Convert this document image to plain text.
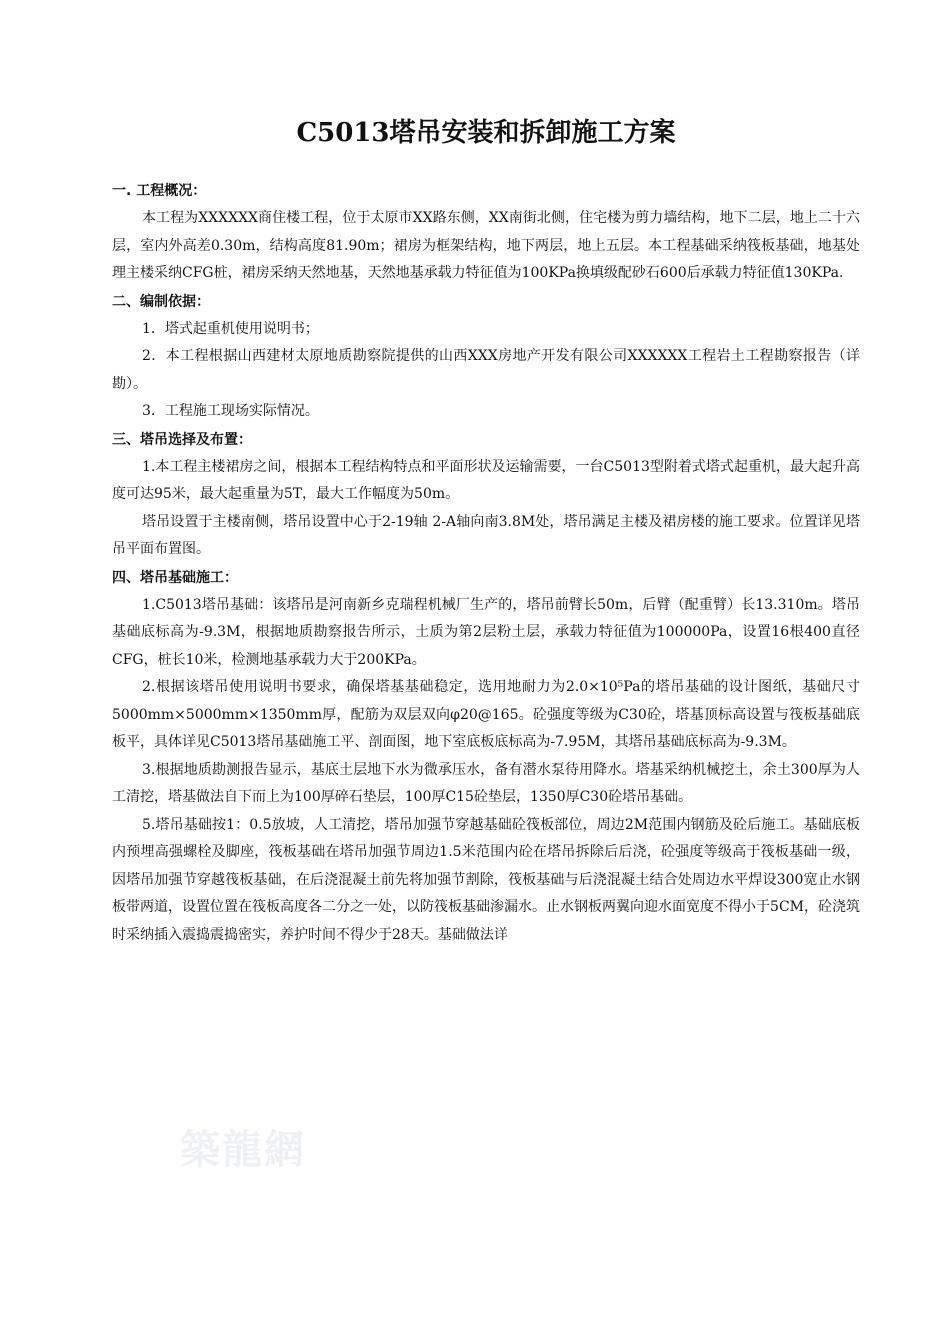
C5013塔吊安装和拆卸施工方案

一. 工程概况：

本工程为XXXXXX商住楼工程，位于太原市XX路东侧，XX南街北侧，住宅楼为剪力墙结构，地下二层，地上二十六层，室内外高差0.30m，结构高度81.90m；裙房为框架结构，地下两层，地上五层。本工程基础采纳筏板基础，地基处理主楼采纳CFG桩，裙房采纳天然地基，天然地基承载力特征值为100KPa换填级配砂石600后承载力特征值130KPa.

二、编制依据：

1．塔式起重机使用说明书；

2．本工程根据山西建材太原地质勘察院提供的山西XXX房地产开发有限公司XXXXXX工程岩土工程勘察报告（详勘）。

3．工程施工现场实际情况。

三、塔吊选择及布置：

1.本工程主楼裙房之间，根据本工程结构特点和平面形状及运输需要，一台C5013型附着式塔式起重机，最大起升高度可达95米，最大起重量为5T，最大工作幅度为50m。

塔吊设置于主楼南侧，塔吊设置中心于2-19轴 2-A轴向南3.8M处，塔吊满足主楼及裙房楼的施工要求。位置详见塔吊平面布置图。

四、塔吊基础施工：

1.C5013塔吊基础：该塔吊是河南新乡克瑞程机械厂生产的，塔吊前臂长50m，后臂（配重臂）长13.310m。塔吊基础底标高为-9.3M，根据地质勘察报告所示，土质为第2层粉土层，承载力特征值为100000Pa，设置16根400直径CFG，桩长10米，检测地基承载力大于200KPa。

2.根据该塔吊使用说明书要求，确保塔基基础稳定，选用地耐力为2.0×10⁵Pa的塔吊基础的设计图纸，基础尺寸5000mm×5000mm×1350mm厚，配筋为双层双向φ20@165。砼强度等级为C30砼，塔基顶标高设置与筏板基础底板平，具体详见C5013塔吊基础施工平、剖面图，地下室底板底标高为-7.95M，其塔吊基础底标高为-9.3M。

3.根据地质勘测报告显示，基底土层地下水为微承压水，备有潜水泵待用降水。塔基采纳机械挖土，余土300厚为人工清挖，塔基做法自下而上为100厚碎石垫层，100厚C15砼垫层，1350厚C30砼塔吊基础。

5.塔吊基础按1：0.5放坡，人工清挖，塔吊加强节穿越基础砼筏板部位，周边2M范围内钢筋及砼后施工。基础底板内预埋高强螺栓及脚座，筏板基础在塔吊加强节周边1.5米范围内砼在塔吊拆除后后浇，砼强度等级高于筏板基础一级，因塔吊加强节穿越筏板基础，在后浇混凝土前先将加强节割除，筏板基础与后浇混凝土结合处周边水平焊设300宽止水钢板带两道，设置位置在筏板高度各二分之一处，以防筏板基础渗漏水。止水钢板两翼向迎水面宽度不得小于5CM，砼浇筑时采纳插入震捣震捣密实，养护时间不得少于28天。基础做法详

築龍網
